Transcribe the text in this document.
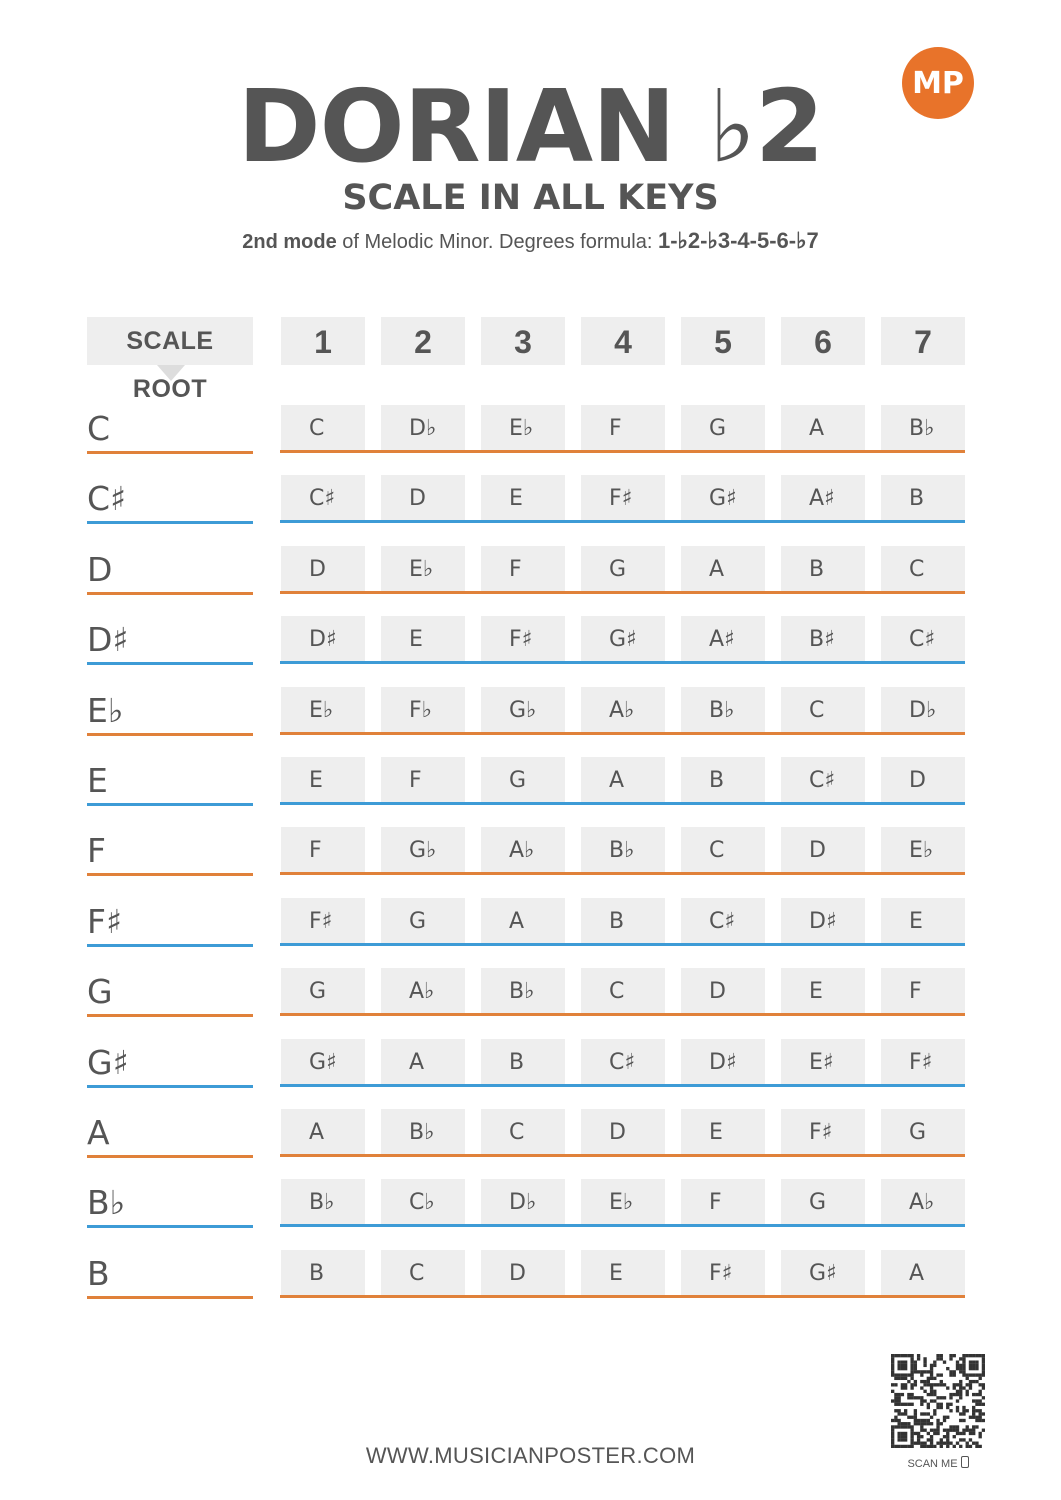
DORIAN ♭2
SCALE IN ALL KEYS
2nd mode of Melodic Minor. Degrees formula: 1-♭2-♭3-4-5-6-♭7
MP
SCALE ROOT
1	2	3	4	5	6	7
C	C	D♭	E♭	F	G	A	B♭
C♯	C♯	D	E	F♯	G♯	A♯	B
D	D	E♭	F	G	A	B	C
D♯	D♯	E	F♯	G♯	A♯	B♯	C♯
E♭	E♭	F♭	G♭	A♭	B♭	C	D♭
E	E	F	G	A	B	C♯	D
F	F	G♭	A♭	B♭	C	D	E♭
F♯	F♯	G	A	B	C♯	D♯	E
G	G	A♭	B♭	C	D	E	F
G♯	G♯	A	B	C♯	D♯	E♯	F♯
A	A	B♭	C	D	E	F♯	G
B♭	B♭	C♭	D♭	E♭	F	G	A♭
B	B	C	D	E	F♯	G♯	A
WWW.MUSICIANPOSTER.COM	SCAN ME
